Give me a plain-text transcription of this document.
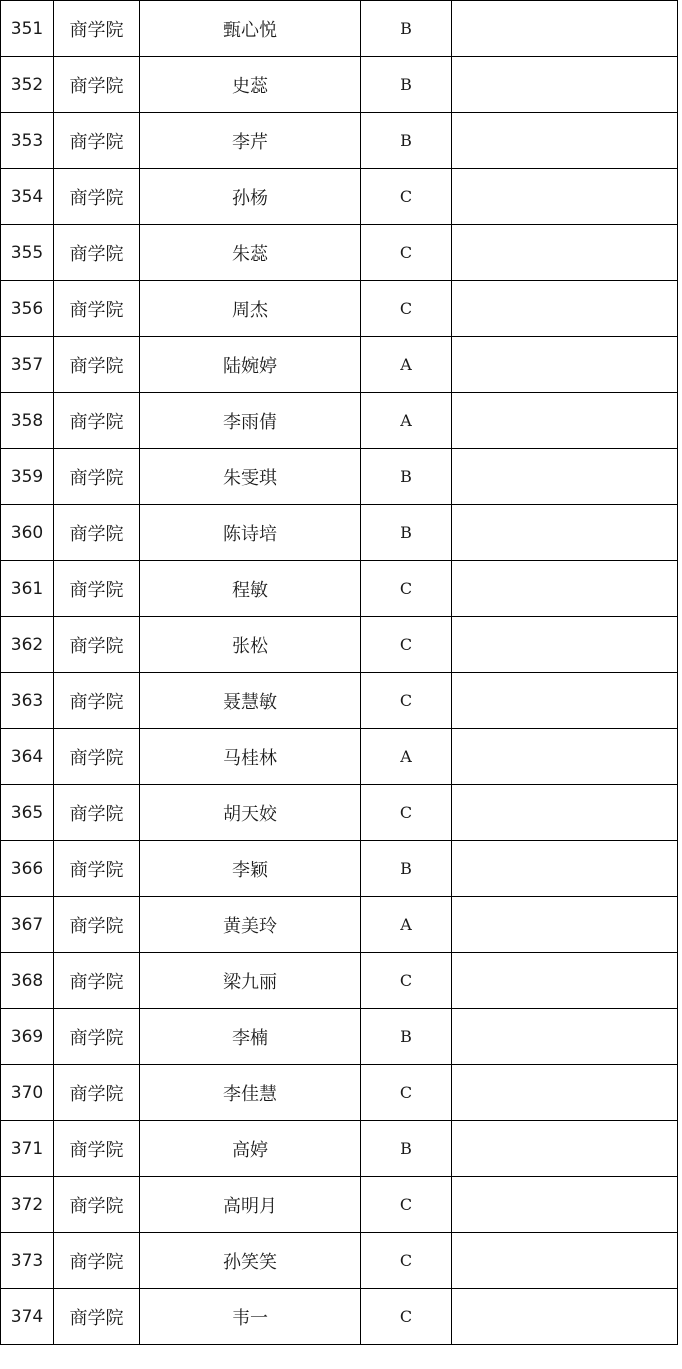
351	商学院	甄心悦	B	
352	商学院	史蕊	B	
353	商学院	李芹	B	
354	商学院	孙杨	C	
355	商学院	朱蕊	C	
356	商学院	周杰	C	
357	商学院	陆婉婷	A	
358	商学院	李雨倩	A	
359	商学院	朱雯琪	B	
360	商学院	陈诗培	B	
361	商学院	程敏	C	
362	商学院	张松	C	
363	商学院	聂慧敏	C	
364	商学院	马桂林	A	
365	商学院	胡天姣	C	
366	商学院	李颖	B	
367	商学院	黄美玲	A	
368	商学院	梁九丽	C	
369	商学院	李楠	B	
370	商学院	李佳慧	C	
371	商学院	高婷	B	
372	商学院	高明月	C	
373	商学院	孙笑笑	C	
374	商学院	韦一	C	
